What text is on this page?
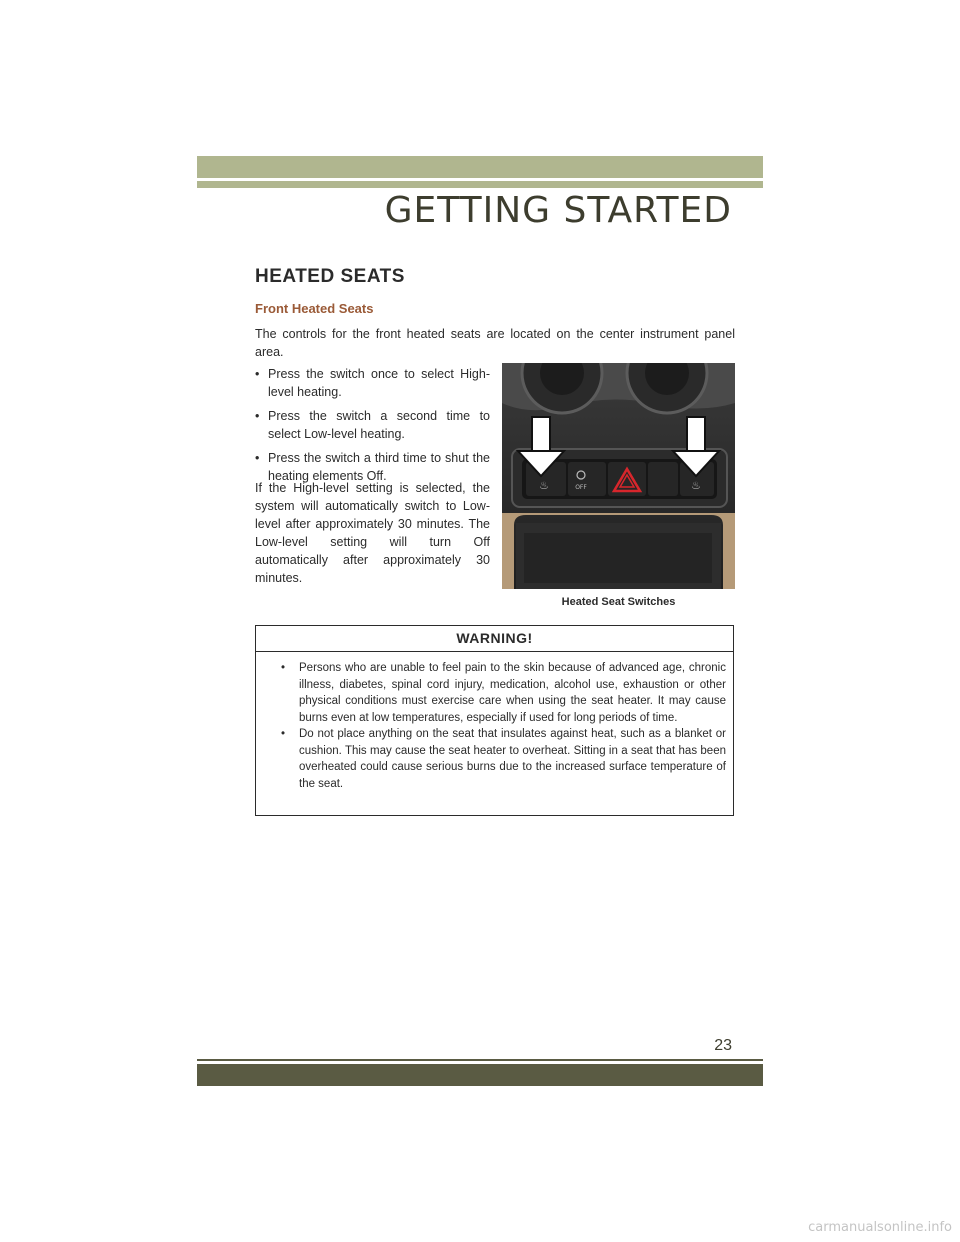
GETTING STARTED
HEATED SEATS
Front Heated Seats
The controls for the front heated seats are located on the center instrument panel area.
• Press the switch once to select High-level heating.
• Press the switch a second time to select Low-level heating.
• Press the switch a third time to shut the heating elements Off.
If the High-level setting is selected, the system will automatically switch to Low-level after approximately 30 minutes. The Low-level setting will turn Off automatically after approximately 30 minutes.
OFF
♨	♨
Heated Seat Switches
WARNING!
• Persons who are unable to feel pain to the skin because of advanced age, chronic illness, diabetes, spinal cord injury, medication, alcohol use, exhaustion or other physical conditions must exercise care when using the seat heater. It may cause burns even at low temperatures, especially if used for long periods of time.
• Do not place anything on the seat that insulates against heat, such as a blanket or cushion. This may cause the seat heater to overheat. Sitting in a seat that has been overheated could cause serious burns due to the increased surface temperature of the seat.
23
carmanualsonline.info
